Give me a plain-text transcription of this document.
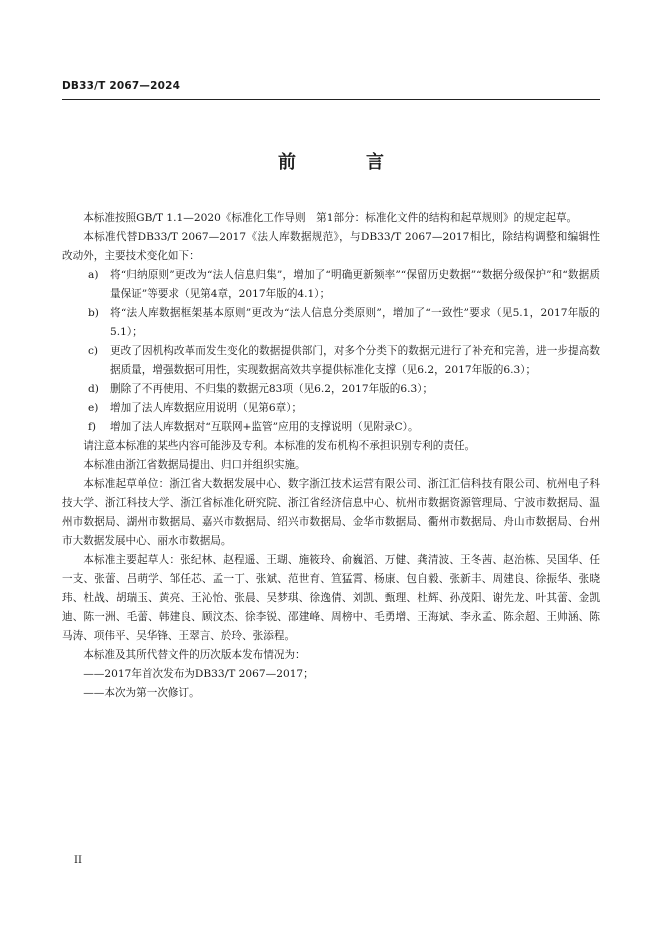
DB33/T 2067—2024
前　言

本标准按照GB/T 1.1—2020《标准化工作导则　第1部分：标准化文件的结构和起草规则》的规定起草。

本标准代替DB33/T 2067—2017《法人库数据规范》，与DB33/T 2067—2017相比，除结构调整和编辑性改动外，主要技术变化如下：

a) 将“归纳原则”更改为“法人信息归集”，增加了“明确更新频率”“保留历史数据”“数据分级保护”和“数据质量保证”等要求（见第4章，2017年版的4.1）；

b) 将“法人库数据框架基本原则”更改为“法人信息分类原则”，增加了“一致性”要求（见5.1，2017年版的5.1）；

c) 更改了因机构改革而发生变化的数据提供部门，对多个分类下的数据元进行了补充和完善，进一步提高数据质量，增强数据可用性，实现数据高效共享提供标准化支撑（见6.2，2017年版的6.3）；

d) 删除了不再使用、不归集的数据元83项（见6.2，2017年版的6.3）；

e) 增加了法人库数据应用说明（见第6章）；

f) 增加了法人库数据对“互联网+监管”应用的支撑说明（见附录C）。

请注意本标准的某些内容可能涉及专利。本标准的发布机构不承担识别专利的责任。

本标准由浙江省数据局提出、归口并组织实施。

本标准起草单位：浙江省大数据发展中心、数字浙江技术运营有限公司、浙江汇信科技有限公司、杭州电子科技大学、浙江科技大学、浙江省标准化研究院、浙江省经济信息中心、杭州市数据资源管理局、宁波市数据局、温州市数据局、湖州市数据局、嘉兴市数据局、绍兴市数据局、金华市数据局、衢州市数据局、舟山市数据局、台州市大数据发展中心、丽水市数据局。

本标准主要起草人：张纪林、赵程遥、王瑚、施筱玲、俞巍滔、万健、龚清波、王冬茜、赵治栋、吴国华、任一支、张蕾、吕萌学、邹任芯、孟一丁、张斌、范世育、笪猛霄、杨康、包自毅、张新丰、周建良、徐振华、张晓玮、杜战、胡瑞玉、黄亮、王沁怡、张晨、吴梦琪、徐逸倩、刘凯、甄理、杜辉、孙茂阳、谢先龙、叶其蕾、金凯迪、陈一洲、毛蕾、韩建良、顾汶杰、徐李锐、邵建峰、周榜中、毛勇增、王海斌、李永孟、陈余超、王帅涵、陈马涛、项伟平、吴华锋、王翠言、於玲、张添程。

本标准及其所代替文件的历次版本发布情况为：

——2017年首次发布为DB33/T 2067—2017；

——本次为第一次修订。

II
